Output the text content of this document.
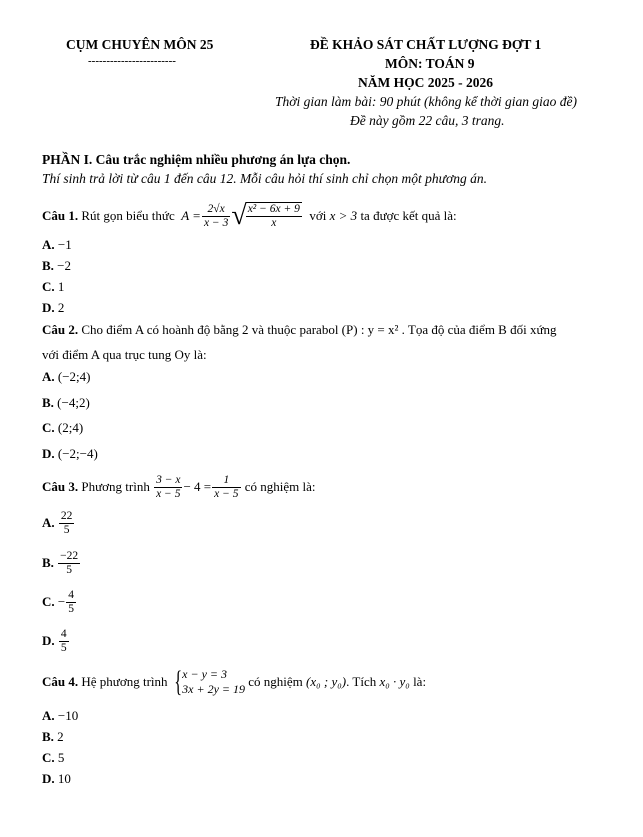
CỤM CHUYÊN MÔN 25
------------------------
ĐỀ KHẢO SÁT CHẤT LƯỢNG ĐỢT 1
MÔN: TOÁN 9
NĂM HỌC 2025 - 2026
Thời gian làm bài: 90 phút (không kể thời gian giao đề)
Đề này gồm 22 câu, 3 trang.
PHẦN I. Câu trắc nghiệm nhiều phương án lựa chọn.
Thí sinh trả lời từ câu 1 đến câu 12. Mỗi câu hỏi thí sinh chỉ chọn một phương án.
Câu 1.
Rút gọn biểu thức
$A = \frac{2√x}{x - 3}$ √ $\frac{\text{x² − 6x + 9}}{x}$
với
x > 3
ta được kết quả là:
A. −1
B. −2
C. 1
D. 2
Câu 2. Cho điểm A có hoành độ bằng 2 và thuộc parabol (P) : y = x² . Tọa độ của điểm B đối xứng
với điểm A qua trục tung Oy là:
A. (−2;4)
B. (−4;2)
C. (2;4)
D. (−2;−4)
Câu 3.
Phương trình
$\frac{3 - x}{x - 5} - 4 = \frac{1}{x - 5}$
có nghiệm là:
A.
$\frac{22}{5}$
B.
$\frac{-22}{5}$
C.
− $\frac{4}{5}$
D.
$\frac{4}{5}$
Câu 4.
Hệ phương trình
{ x − y = 3
3x + 2y = 19
có nghiệm
(x₀ ; y₀) . Tích
x₀ · y₀
là:
A. −10
B. 2
C. 5
D. 10
